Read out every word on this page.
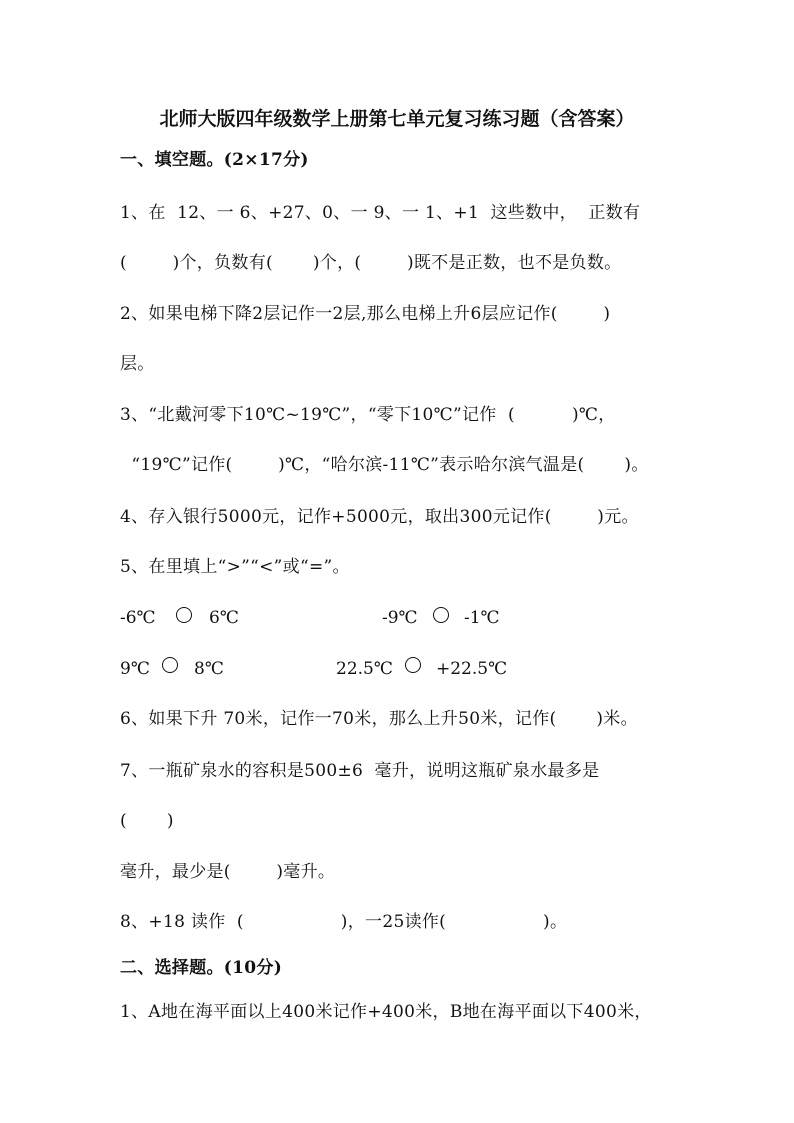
北师大版四年级数学上册第七单元复习练习题（含答案）
一、填空题。(2×17分)
1、在  12、一 6、+27、0、一 9、一 1、+1  这些数中，  正数有
(        )个，负数有(       )个，(        )既不是正数，也不是负数。
2、如果电梯下降2层记作一2层,那么电梯上升6层应记作(        )
层。
3、“北戴河零下10℃~19℃”，“零下10℃”记作  (          )℃，
“19℃”记作(        )℃，“哈尔滨-11℃”表示哈尔滨气温是(       )。
4、存入银行5000元，记作+5000元，取出300元记作(        )元。
5、在里填上“>”“<”或“=”。
-6℃	6℃	-9℃	-1℃
9℃	8℃	22.5℃	+22.5℃
6、如果下升 70米，记作一70米，那么上升50米，记作(       )米。
7、一瓶矿泉水的容积是500±6  毫升，说明这瓶矿泉水最多是
(       )
毫升，最少是(        )毫升。
8、+18 读作  (                 )，一25读作(                 )。
二、选择题。(10分)
1、A地在海平面以上400米记作+400米，B地在海平面以下400米，
